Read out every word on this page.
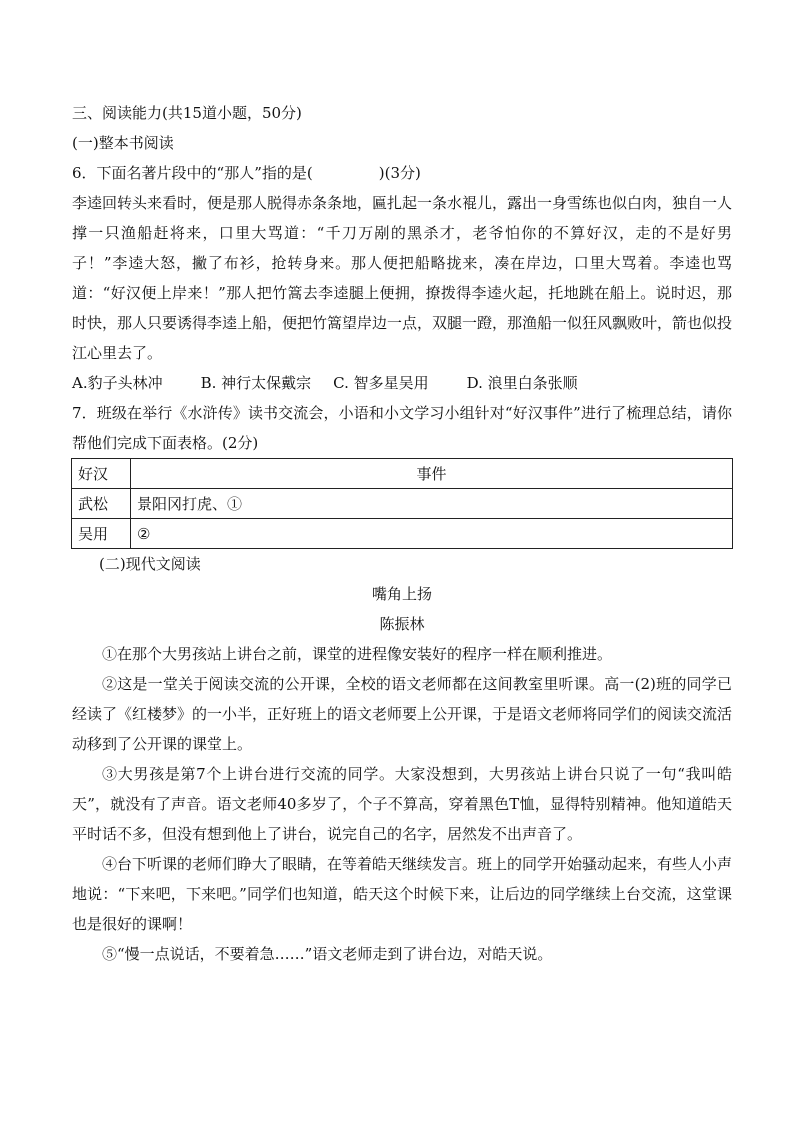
三、阅读能力(共15道小题，50分)
(一)整本书阅读
6．下面名著片段中的“那人”指的是(	)(3分)
李逵回转头来看时，便是那人脱得赤条条地，匾扎起一条水裩儿，露出一身雪练也似白肉，独自一人撑一只渔船赶将来，口里大骂道：“千刀万剐的黑杀才，老爷怕你的不算好汉，走的不是好男子！”李逵大怒，撇了布衫，抢转身来。那人便把船略拢来，凑在岸边，口里大骂着。李逵也骂道：“好汉便上岸来！”那人把竹篙去李逵腿上便拥，撩拨得李逵火起，托地跳在船上。说时迟，那时快，那人只要诱得李逵上船，便把竹篙望岸边一点，双腿一蹬，那渔船一似狂风飘败叶，箭也似投江心里去了。
A.豹子头林冲	B. 神行太保戴宗 C. 智多星吴用	D. 浪里白条张顺
7．班级在举行《水浒传》读书交流会，小语和小文学习小组针对“好汉事件”进行了梳理总结，请你帮他们完成下面表格。(2分)
好汉	事件
武松	景阳冈打虎、①
吴用	②
(二)现代文阅读
嘴角上扬
陈振林
①在那个大男孩站上讲台之前，课堂的进程像安装好的程序一样在顺利推进。
②这是一堂关于阅读交流的公开课，全校的语文老师都在这间教室里听课。高一(2)班的同学已经读了《红楼梦》的一小半，正好班上的语文老师要上公开课，于是语文老师将同学们的阅读交流活动移到了公开课的课堂上。
③大男孩是第7个上讲台进行交流的同学。大家没想到，大男孩站上讲台只说了一句“我叫皓天”，就没有了声音。语文老师40多岁了，个子不算高，穿着黑色T恤，显得特别精神。他知道皓天平时话不多，但没有想到他上了讲台，说完自己的名字，居然发不出声音了。
④台下听课的老师们睁大了眼睛，在等着皓天继续发言。班上的同学开始骚动起来，有些人小声地说：“下来吧，下来吧。”同学们也知道，皓天这个时候下来，让后边的同学继续上台交流，这堂课也是很好的课啊！
⑤“慢一点说话，不要着急……”语文老师走到了讲台边，对皓天说。
